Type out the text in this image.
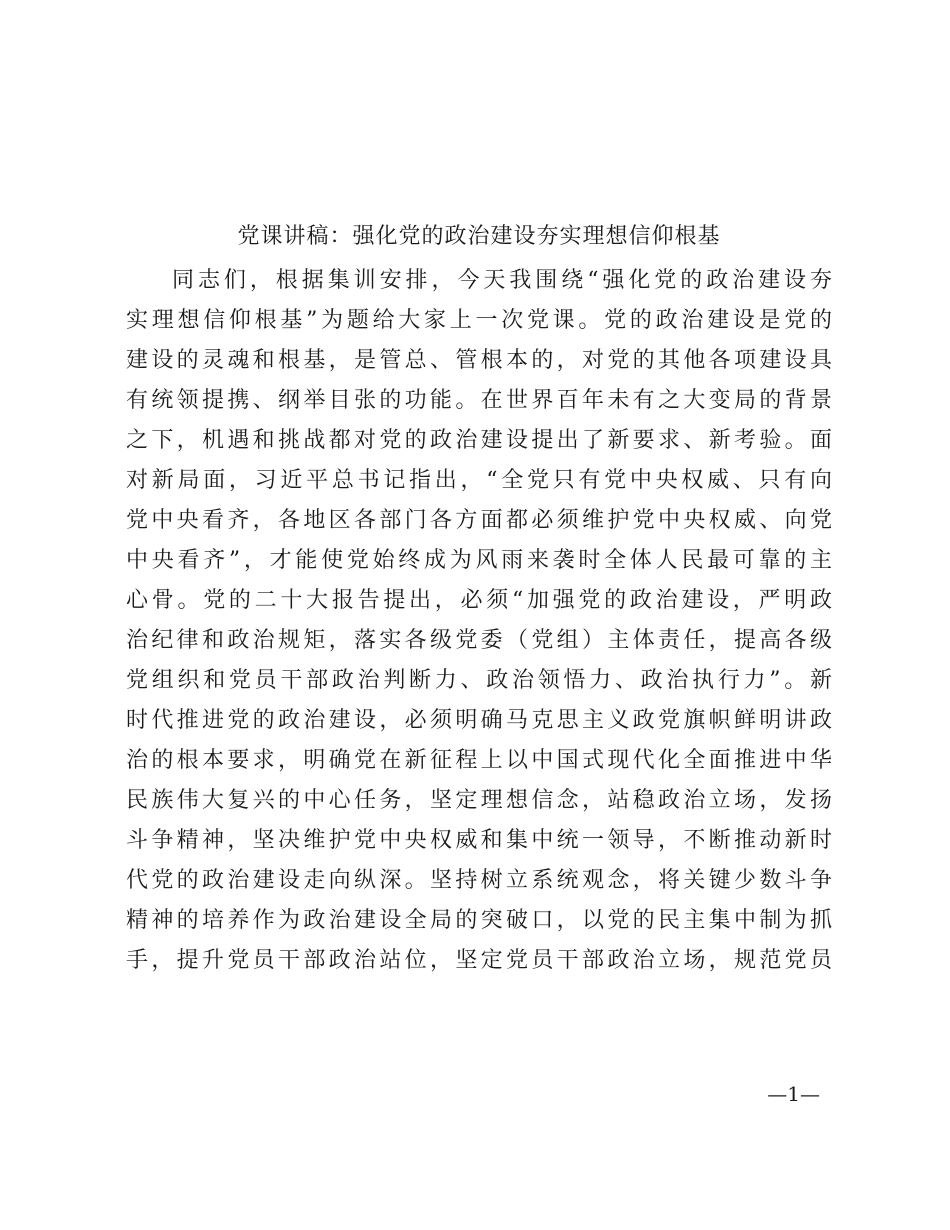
党课讲稿：强化党的政治建设夯实理想信仰根基
同志们，根据集训安排，今天我围绕“强化党的政治建设夯
实理想信仰根基”为题给大家上一次党课。党的政治建设是党的
建设的灵魂和根基，是管总、管根本的，对党的其他各项建设具
有统领提携、纲举目张的功能。在世界百年未有之大变局的背景
之下，机遇和挑战都对党的政治建设提出了新要求、新考验。面
对新局面，习近平总书记指出，“全党只有党中央权威、只有向
党中央看齐，各地区各部门各方面都必须维护党中央权威、向党
中央看齐”，才能使党始终成为风雨来袭时全体人民最可靠的主
心骨。党的二十大报告提出，必须“加强党的政治建设，严明政
治纪律和政治规矩，落实各级党委（党组）主体责任，提高各级
党组织和党员干部政治判断力、政治领悟力、政治执行力”。新
时代推进党的政治建设，必须明确马克思主义政党旗帜鲜明讲政
治的根本要求，明确党在新征程上以中国式现代化全面推进中华
民族伟大复兴的中心任务，坚定理想信念，站稳政治立场，发扬
斗争精神，坚决维护党中央权威和集中统一领导，不断推动新时
代党的政治建设走向纵深。坚持树立系统观念，将关键少数斗争
精神的培养作为政治建设全局的突破口，以党的民主集中制为抓
手，提升党员干部政治站位，坚定党员干部政治立场，规范党员
—1—
